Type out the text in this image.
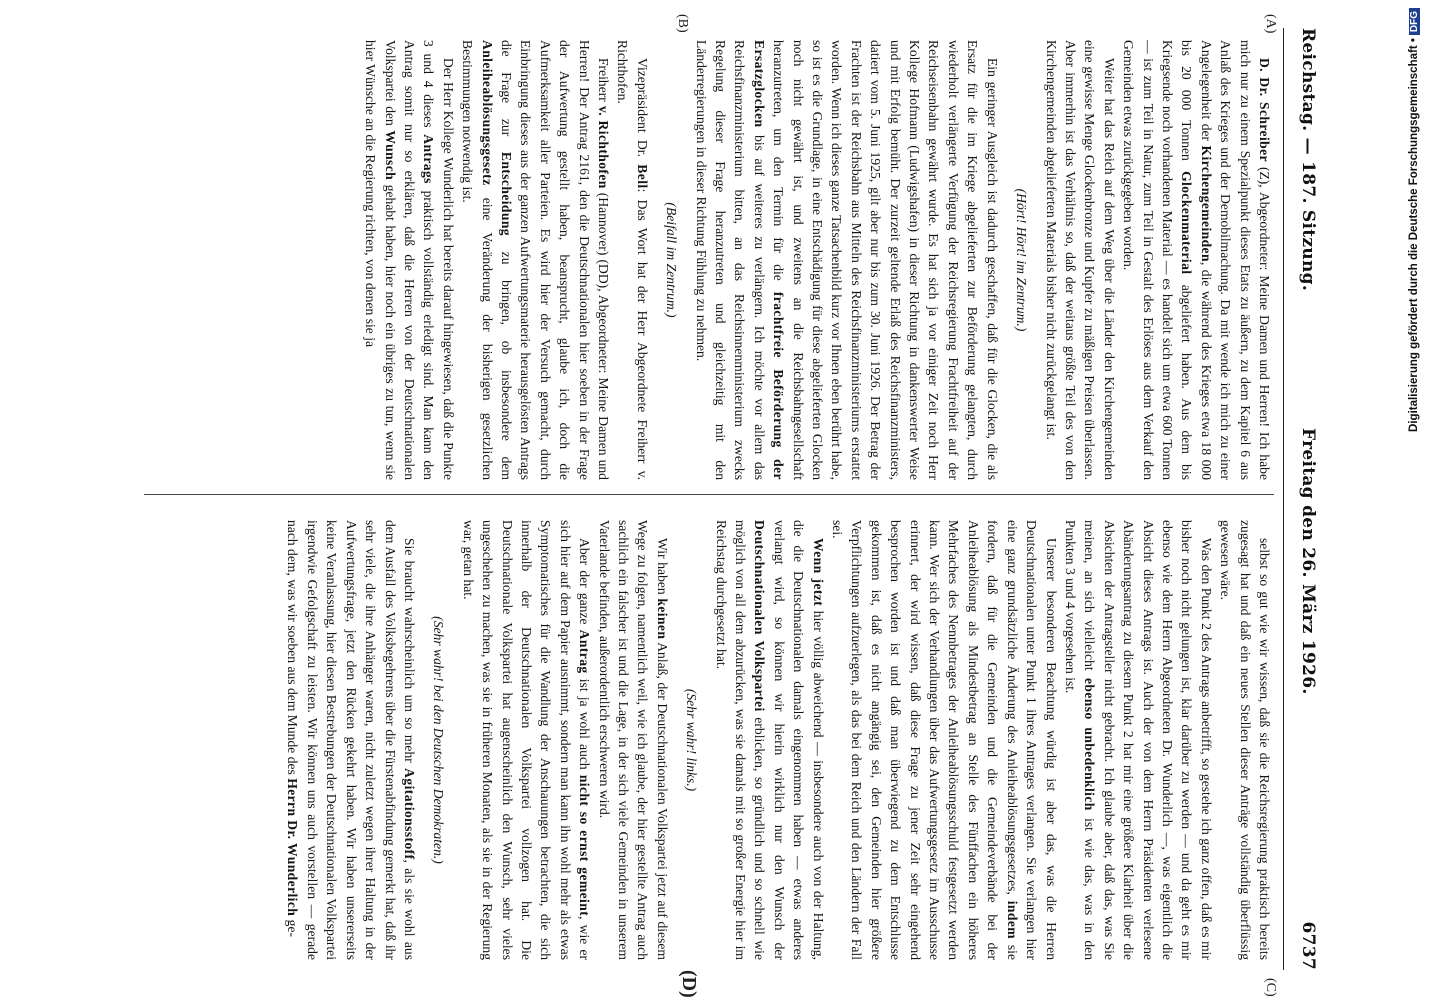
Reichstag. — 187. Sitzung.
Freitag den 26. März 1926.
6737
(A)
(B)
(C)
(D)

D. Dr. Schreiber (Z), Abgeordneter: Meine Damen und Herren! Ich habe mich nur zu einem Spezialpunkt dieses Etats zu äußern, zu dem Kapitel 6 aus Anlaß des Krieges und der Demobilmachung. Da mit wende ich mich zu einer Angelegenheit der Kirchengemeinden, die während des Krieges etwa 18 000 bis 20 000 Tonnen Glockenmaterial abgeliefert haben. Aus dem bis Kriegsende noch vorhandenen Material — es handelt sich um etwa 600 Tonnen — ist zum Teil in Natur, zum Teil in Gestalt des Erlöses aus dem Verkauf den Gemeinden etwas zurückgegeben worden.

Weiter hat das Reich auf dem Weg über die Länder den Kirchengemeinden eine gewisse Menge Glockenbronze und Kupfer zu mäßigen Preisen überlassen. Aber immerhin ist das Verhältnis so, daß der weitaus größte Teil des von den Kirchengemeinden abgelieferten Materials bisher nicht zurückgelangt ist.

(Hört! Hört! im Zentrum.)

Ein geringer Ausgleich ist dadurch geschaffen, daß für die Glocken, die als Ersatz für die im Kriege abgelieferten zur Beförderung gelangten, durch wiederholt verlängerte Verfügung der Reichsregierung Frachtfreiheit auf der Reichseisenbahn gewährt wurde. Es hat sich ja vor einiger Zeit noch Herr Kollege Hofmann (Ludwigshafen) in dieser Richtung in dankenswerter Weise und mit Erfolg bemüht. Der zurzeit geltende Erlaß des Reichsfinanzministers, datiert vom 5. Juni 1925, gilt aber nur bis zum 30. Juni 1926. Der Betrag der Frachten ist der Reichsbahn aus Mitteln des Reichsfinanzministeriums erstattet worden. Wenn ich dieses ganze Tatsachenbild kurz vor Ihnen eben berührt habe, so ist es die Grundlage, in eine Entschädigung für diese abgelieferten Glocken noch nicht gewährt ist, und zweitens an die Reichsbahngesellschaft heranzutreten, um den Termin für die frachtfreie Beförderung der Ersatzglocken bis auf weiteres zu verlängern. Ich möchte vor allem das Reichsfinanzministerium bitten, an das Reichsinnenministerium zwecks Regelung dieser Frage heranzutreten und gleichzeitig mit den Länderregierungen in dieser Richtung Fühlung zu nehmen.

(Beifall im Zentrum.)

Vizepräsident Dr. Bell: Das Wort hat der Herr Abgeordnete Freiherr v. Richthofen.

Freiherr v. Richthofen (Hannover) (DD), Abgeordneter: Meine Damen und Herren! Der Antrag 2161, den die Deutschnationalen hier soeben in der Frage der Aufwertung gestellt haben, beansprucht, glaube ich, doch die Aufmerksamkeit aller Parteien. Es wird hier der Versuch gemacht, durch Einbringung dieses aus der ganzen Aufwertungsmaterie herausgelösten Antrags die Frage zur Entscheidung zu bringen, ob insbesondere dem Anleiheablösungsgesetz eine Veränderung der bisherigen gesetzlichen Bestimmungen notwendig ist.

Der Herr Kollege Wunderlich hat bereits darauf hingewiesen, daß die Punkte 3 und 4 dieses Antrags praktisch vollständig erledigt sind. Man kann den Antrag somit nur so erklären, daß die Herren von der Deutschnationalen Volkspartei den Wunsch gehabt haben, hier noch ein übriges zu tun, wenn sie hier Wünsche an die Regierung richten, von denen sie ja

selbst so gut wie wir wissen, daß sie die Reichsregierung praktisch bereits zugesagt hat und daß ein neues Stellen dieser Anträge vollständig überflüssig gewesen wäre.

Was den Punkt 2 des Antrags anbetrifft, so gestehe ich ganz offen, daß es mir bisher noch nicht gelungen ist, klar darüber zu werden — und da geht es mir ebenso wie dem Herrn Abgeordneten Dr. Wunderlich —, was eigentlich die Absicht dieses Antrags ist. Auch der von dem Herrn Präsidenten verlesene Abänderungsantrag zu diesem Punkt 2 hat mir eine größere Klarheit über die Absichten der Antragsteller nicht gebracht. Ich glaube aber, daß das, was Sie meinen, an sich vielleicht ebenso unbedenklich ist wie das, was in den Punkten 3 und 4 vorgesehen ist.

Unserer besonderen Beachtung würdig ist aber das, was die Herren Deutschnationalen unter Punkt 1 ihres Antrages verlangen. Sie verlangen hier eine ganz grundsätzliche Änderung des Anleiheablösungsgesetzes, indem sie fordern, daß für die Gemeinden und die Gemeindeverbände bei der Anleiheablösung als Mindestbetrag an Stelle des Fünffachen ein höheres Mehrfaches des Nennbetrages der Anleiheablösungsschuld festgesetzt werden kann. Wer sich der Verhandlungen über das Aufwertungsgesetz im Ausschusse erinnert, der wird wissen, daß diese Frage zu jener Zeit sehr eingehend besprochen worden ist und daß man überwiegend zu dem Entschlusse gekommen ist, daß es nicht angängig sei, den Gemeinden hier größere Verpflichtungen aufzuerlegen, als das bei dem Reich und den Ländern der Fall sei.

Wenn jetzt hier völlig abweichend — insbesondere auch von der Haltung, die die Deutschnationalen damals eingenommen haben — etwas anderes verlangt wird, so können wir hierin wirklich nur den Wunsch der Deutschnationalen Volkspartei erblicken, so gründlich und so schnell wie möglich von all dem abzurücken, was sie damals mit so großer Energie hier im Reichstag durchgesetzt hat.

(Sehr wahr! links.)

Wir haben keinen Anlaß, der Deutschnationalen Volkspartei jetzt auf diesem Wege zu folgen, namentlich weil, wie ich glaube, der hier gestellte Antrag auch sachlich ein falscher ist und die Lage, in der sich viele Gemeinden in unserem Vaterlande befinden, außerordentlich erschweren wird.

Aber der ganze Antrag ist ja wohl auch nicht so ernst gemeint, wie er sich hier auf dem Papier ausnimmt, sondern man kann ihn wohl mehr als etwas Symptomatisches für die Wandlung der Anschauungen betrachten, die sich innerhalb der Deutschnationalen Volkspartei vollzogen hat. Die Deutschnationale Volkspartei hat augenscheinlich den Wunsch, sehr vieles ungeschehen zu machen, was sie in früheren Monaten, als sie in der Regierung war, getan hat.

(Sehr wahr! bei den Deutschen Demokraten.)

Sie braucht wahrscheinlich um so mehr Agitationsstoff, als sie wohl aus dem Ausfall des Volksbegehrens über die Fürstenabfindung gemerkt hat, daß ihr sehr viele, die ihre Anhänger waren, nicht zuletzt wegen ihrer Haltung in der Aufwertungsfrage, jetzt den Rücken gekehrt haben. Wir haben unsererseits keine Veranlassung, hier diesen Bestrebungen der Deutschnationalen Volkspartei irgendwie Gefolgschaft zu leisten. Wir können uns auch vorstellen — gerade nach dem, was wir soeben aus dem Munde des Herrn Dr. Wunderlich ge-

Digitalisierung gefördert durch die Deutsche Forschungsgemeinschaft •DFG
